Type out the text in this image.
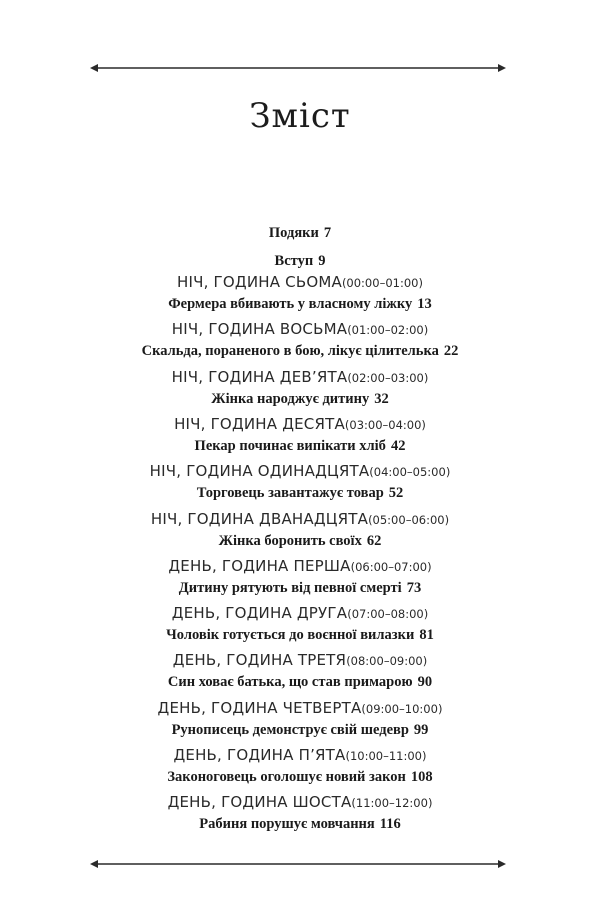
Зміст
Подяки 7
Вступ 9
НІЧ, ГОДИНА СЬОМА(00:00–01:00)
Фермера вбивають у власному ліжку 13
НІЧ, ГОДИНА ВОСЬМА(01:00–02:00)
Скальда, пораненого в бою, лікує цілителька 22
НІЧ, ГОДИНА ДЕВ’ЯТА(02:00–03:00)
Жінка народжує дитину 32
НІЧ, ГОДИНА ДЕСЯТА(03:00–04:00)
Пекар починає випікати хліб 42
НІЧ, ГОДИНА ОДИНАДЦЯТА(04:00–05:00)
Торговець завантажує товар 52
НІЧ, ГОДИНА ДВАНАДЦЯТА(05:00–06:00)
Жінка боронить своїх 62
ДЕНЬ, ГОДИНА ПЕРША(06:00–07:00)
Дитину рятують від певної смерті 73
ДЕНЬ, ГОДИНА ДРУГА(07:00–08:00)
Чоловік готується до воєнної вилазки 81
ДЕНЬ, ГОДИНА ТРЕТЯ(08:00–09:00)
Син ховає батька, що став примарою 90
ДЕНЬ, ГОДИНА ЧЕТВЕРТА(09:00–10:00)
Рунописець демонструє свій шедевр 99
ДЕНЬ, ГОДИНА П’ЯТА(10:00–11:00)
Законоговець оголошує новий закон 108
ДЕНЬ, ГОДИНА ШОСТА(11:00–12:00)
Рабиня порушує мовчання 116
